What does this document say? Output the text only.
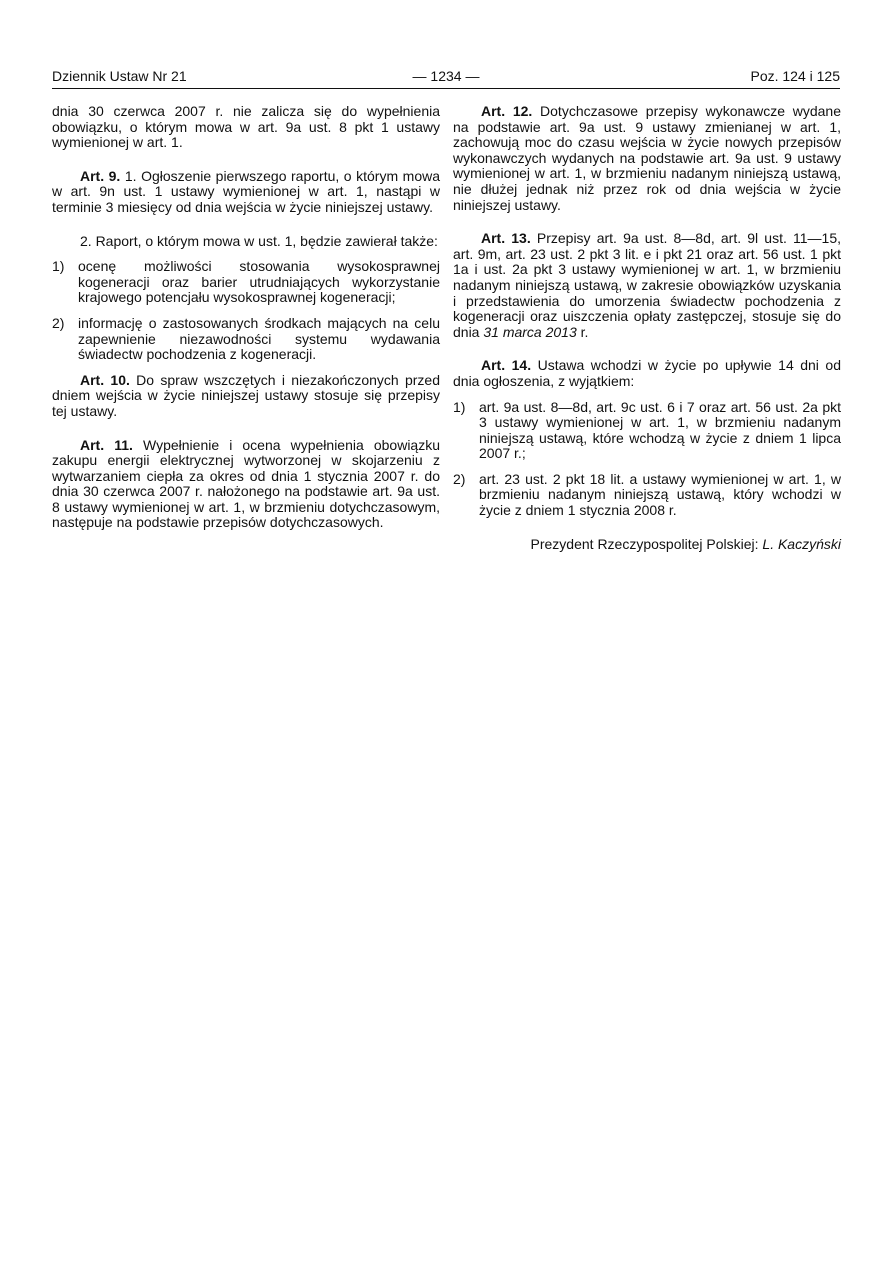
Dziennik Ustaw Nr 21	— 1234 —	Poz. 124 i 125

dnia 30 czerwca 2007 r. nie zalicza się do wypełnienia obowiązku, o którym mowa w art. 9a ust. 8 pkt 1 ustawy wymienionej w art. 1.

Art. 9. 1. Ogłoszenie pierwszego raportu, o którym mowa w art. 9n ust. 1 ustawy wymienionej w art. 1, nastąpi w terminie 3 miesięcy od dnia wejścia w życie niniejszej ustawy.

2. Raport, o którym mowa w ust. 1, będzie zawierał także:

1) ocenę możliwości stosowania wysokosprawnej kogeneracji oraz barier utrudniających wykorzystanie krajowego potencjału wysokosprawnej kogeneracji;

2) informację o zastosowanych środkach mających na celu zapewnienie niezawodności systemu wydawania świadectw pochodzenia z kogeneracji.

Art. 10. Do spraw wszczętych i niezakończonych przed dniem wejścia w życie niniejszej ustawy stosuje się przepisy tej ustawy.

Art. 11. Wypełnienie i ocena wypełnienia obowiązku zakupu energii elektrycznej wytworzonej w skojarzeniu z wytwarzaniem ciepła za okres od dnia 1 stycznia 2007 r. do dnia 30 czerwca 2007 r. nałożonego na podstawie art. 9a ust. 8 ustawy wymienionej w art. 1, w brzmieniu dotychczasowym, następuje na podstawie przepisów dotychczasowych.

Art. 12. Dotychczasowe przepisy wykonawcze wydane na podstawie art. 9a ust. 9 ustawy zmienianej w art. 1, zachowują moc do czasu wejścia w życie nowych przepisów wykonawczych wydanych na podstawie art. 9a ust. 9 ustawy wymienionej w art. 1, w brzmieniu nadanym niniejszą ustawą, nie dłużej jednak niż przez rok od dnia wejścia w życie niniejszej ustawy.

Art. 13. Przepisy art. 9a ust. 8—8d, art. 9l ust. 11—15, art. 9m, art. 23 ust. 2 pkt 3 lit. e i pkt 21 oraz art. 56 ust. 1 pkt 1a i ust. 2a pkt 3 ustawy wymienionej w art. 1, w brzmieniu nadanym niniejszą ustawą, w zakresie obowiązków uzyskania i przedstawienia do umorzenia świadectw pochodzenia z kogeneracji oraz uiszczenia opłaty zastępczej, stosuje się do dnia 31 marca 2013 r.

Art. 14. Ustawa wchodzi w życie po upływie 14 dni od dnia ogłoszenia, z wyjątkiem:

1) art. 9a ust. 8—8d, art. 9c ust. 6 i 7 oraz art. 56 ust. 2a pkt 3 ustawy wymienionej w art. 1, w brzmieniu nadanym niniejszą ustawą, które wchodzą w życie z dniem 1 lipca 2007 r.;

2) art. 23 ust. 2 pkt 18 lit. a ustawy wymienionej w art. 1, w brzmieniu nadanym niniejszą ustawą, który wchodzi w życie z dniem 1 stycznia 2008 r.

Prezydent Rzeczypospolitej Polskiej: L. Kaczyński
